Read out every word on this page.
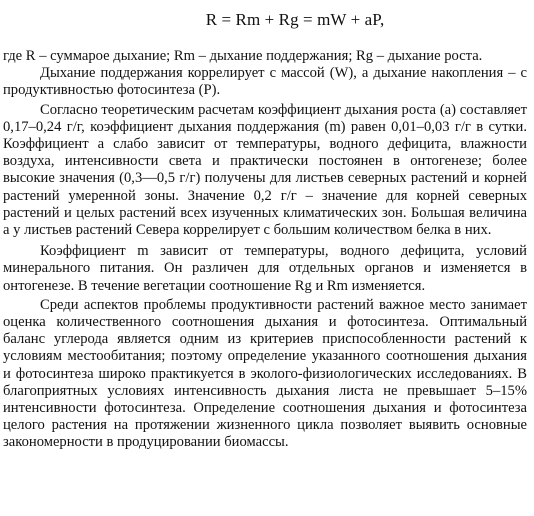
R = Rm + Rg = mW + aP,

где R – суммарое дыхание; Rm – дыхание поддержания; Rg – дыхание роста.

Дыхание поддержания коррелирует с массой (W), а дыхание накопления – с продуктивностью фотосинтеза (P).

Согласно теоретическим расчетам коэффициент дыхания роста (a) составляет 0,17–0,24 г/г, коэффициент дыхания поддержания (m) равен 0,01–0,03 г/г в сутки. Коэффициент a слабо зависит от температуры, водного дефицита, влажности воздуха, интенсивности света и практически постоянен в онтогенезе; более высокие значения (0,3—0,5 г/г) получены для листьев северных растений и корней растений умеренной зоны. Значение 0,2 г/г – значение для корней северных растений и целых растений всех изученных климатических зон. Большая величина a у листьев растений Севера коррелирует с большим количеством белка в них.

Коэффициент m зависит от температуры, водного дефицита, условий минерального питания. Он различен для отдельных органов и изменяется в онтогенезе. В течение вегетации соотношение Rg и Rm изменяется.

Среди аспектов проблемы продуктивности растений важное место занимает оценка количественного соотношения дыхания и фотосинтеза. Оптимальный баланс углерода является одним из критериев приспособленности растений к условиям местообитания; поэтому определение указанного соотношения дыхания и фотосинтеза широко практикуется в эколого-физиологических исследованиях. В благоприятных условиях интенсивность дыхания листа не превышает 5–15% интенсивности фотосинтеза. Определение соотношения дыхания и фотосинтеза целого растения на протяжении жизненного цикла позволяет выявить основные закономерности в продуцировании биомассы.
